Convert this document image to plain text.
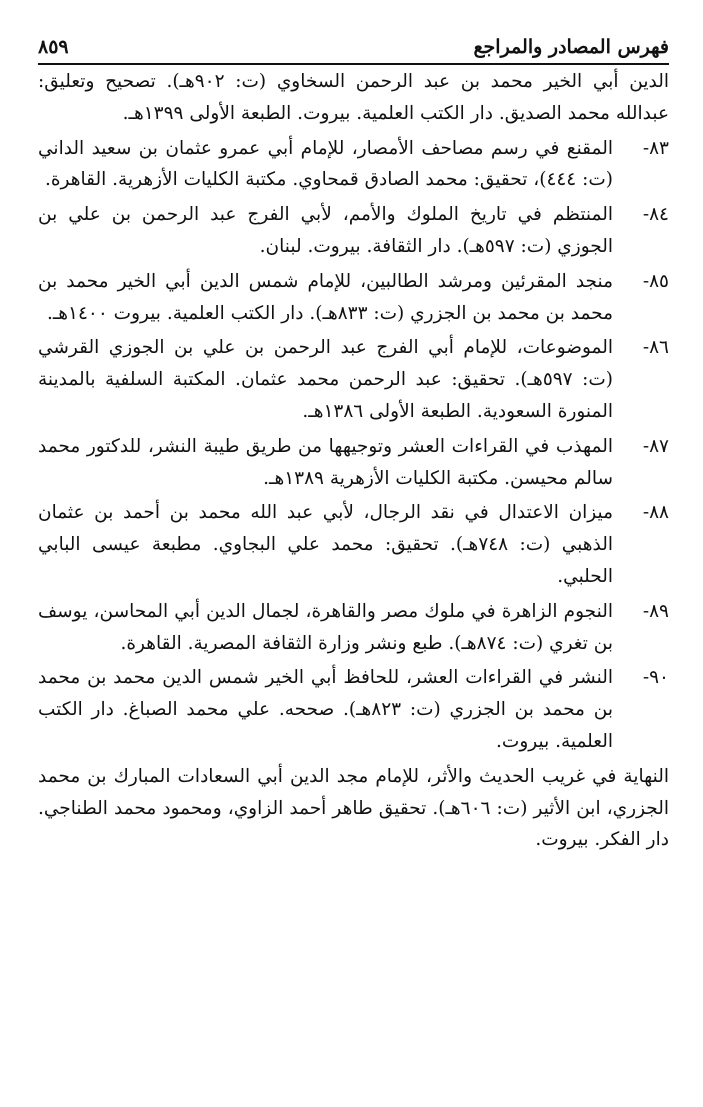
فهرس المصادر والمراجع
٨٥٩
الدين أبي الخير محمد بن عبد الرحمن السخاوي (ت: ٩٠٢هـ). تصحيح وتعليق: عبدالله محمد الصديق. دار الكتب العلمية. بيروت. الطبعة الأولى ١٣٩٩هـ.
٨٣-
المقنع في رسم مصاحف الأمصار، للإمام أبي عمرو عثمان بن سعيد الداني (ت: ٤٤٤)، تحقيق: محمد الصادق قمحاوي. مكتبة الكليات الأزهرية. القاهرة.
٨٤-
المنتظم في تاريخ الملوك والأمم، لأبي الفرج عبد الرحمن بن علي بن الجوزي (ت: ٥٩٧هـ). دار الثقافة. بيروت. لبنان.
٨٥-
منجد المقرئين ومرشد الطالبين، للإمام شمس الدين أبي الخير محمد بن محمد بن محمد بن الجزري (ت: ٨٣٣هـ). دار الكتب العلمية. بيروت ١٤٠٠هـ.
٨٦-
الموضوعات، للإمام أبي الفرج عبد الرحمن بن علي بن الجوزي القرشي (ت: ٥٩٧هـ). تحقيق: عبد الرحمن محمد عثمان. المكتبة السلفية بالمدينة المنورة السعودية. الطبعة الأولى ١٣٨٦هـ.
٨٧-
المهذب في القراءات العشر وتوجيهها من طريق طيبة النشر، للدكتور محمد سالم محيسن. مكتبة الكليات الأزهرية ١٣٨٩هـ.
٨٨-
ميزان الاعتدال في نقد الرجال، لأبي عبد الله محمد بن أحمد بن عثمان الذهبي (ت: ٧٤٨هـ). تحقيق: محمد علي البجاوي. مطبعة عيسى البابي الحلبي.
٨٩-
النجوم الزاهرة في ملوك مصر والقاهرة، لجمال الدين أبي المحاسن، يوسف بن تغري (ت: ٨٧٤هـ). طبع ونشر وزارة الثقافة المصرية. القاهرة.
٩٠-
النشر في القراءات العشر، للحافظ أبي الخير شمس الدين محمد بن محمد بن محمد بن الجزري (ت: ٨٢٣هـ). صححه. علي محمد الصباغ. دار الكتب العلمية. بيروت.
النهاية في غريب الحديث والأثر، للإمام مجد الدين أبي السعادات المبارك بن محمد الجزري، ابن الأثير (ت: ٦٠٦هـ). تحقيق طاهر أحمد الزاوي، ومحمود محمد الطناجي. دار الفكر. بيروت.
